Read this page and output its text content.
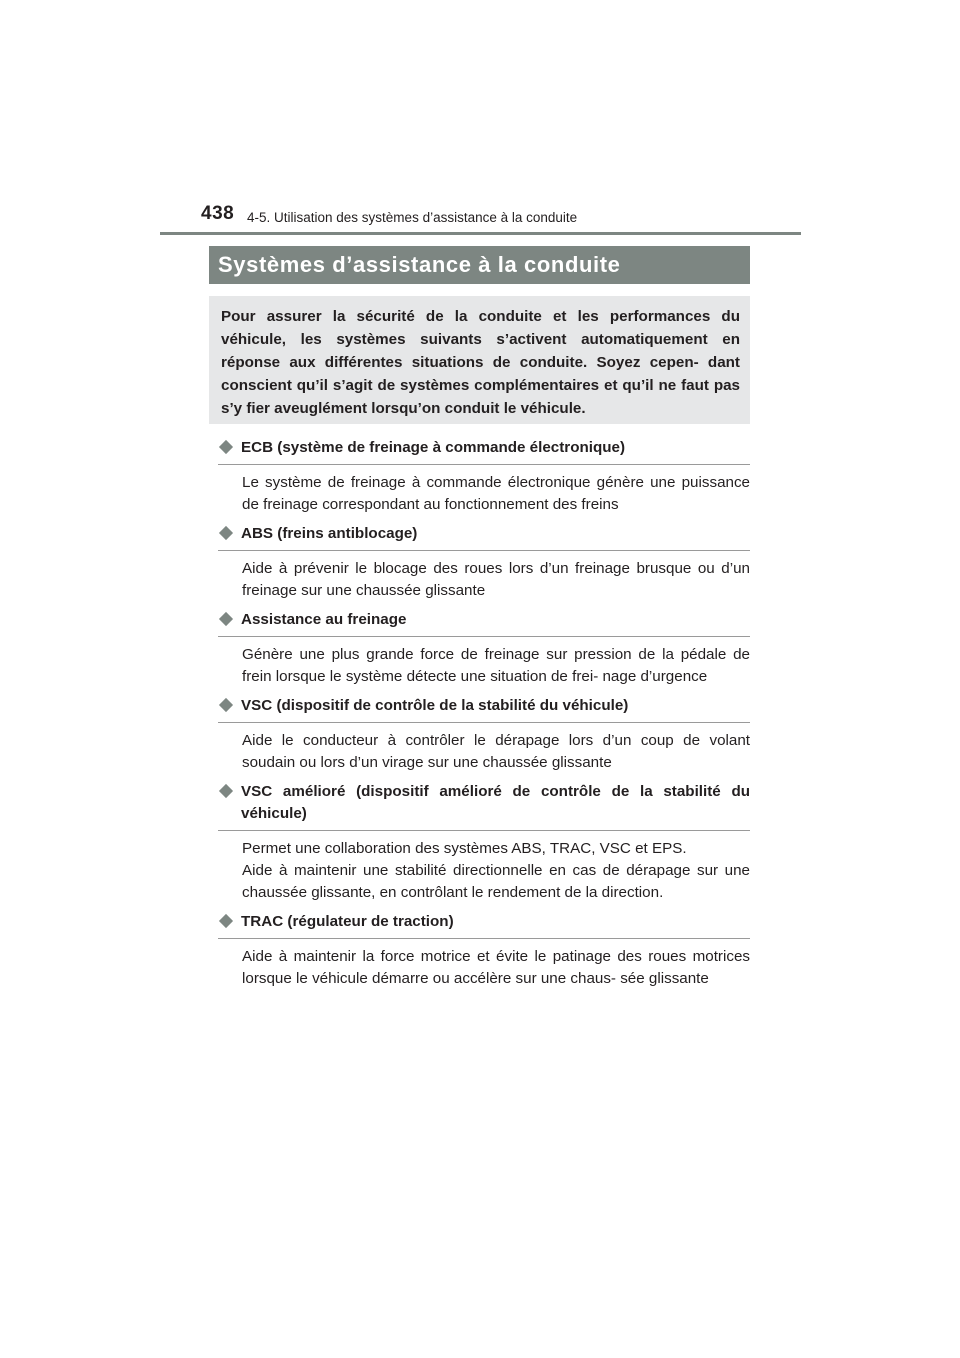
438 4-5. Utilisation des systèmes d’assistance à la conduite
Systèmes d’assistance à la conduite

Pour assurer la sécurité de la conduite et les performances du véhicule, les systèmes suivants s’activent automatiquement en réponse aux différentes situations de conduite. Soyez cepen- dant conscient qu’il s’agit de systèmes complémentaires et qu’il ne faut pas s’y fier aveuglément lorsqu’on conduit le véhicule.

ECB (système de freinage à commande électronique)

Le système de freinage à commande électronique génère une puissance de freinage correspondant au fonctionnement des freins

ABS (freins antiblocage)

Aide à prévenir le blocage des roues lors d’un freinage brusque ou d’un freinage sur une chaussée glissante

Assistance au freinage

Génère une plus grande force de freinage sur pression de la pédale de frein lorsque le système détecte une situation de frei- nage d’urgence

VSC (dispositif de contrôle de la stabilité du véhicule)

Aide le conducteur à contrôler le dérapage lors d’un coup de volant soudain ou lors d’un virage sur une chaussée glissante

VSC amélioré (dispositif amélioré de contrôle de la stabilité du véhicule)

Permet une collaboration des systèmes ABS, TRAC, VSC et EPS.
Aide à maintenir une stabilité directionnelle en cas de dérapage sur une chaussée glissante, en contrôlant le rendement de la direction.

TRAC (régulateur de traction)

Aide à maintenir la force motrice et évite le patinage des roues motrices lorsque le véhicule démarre ou accélère sur une chaus- sée glissante
